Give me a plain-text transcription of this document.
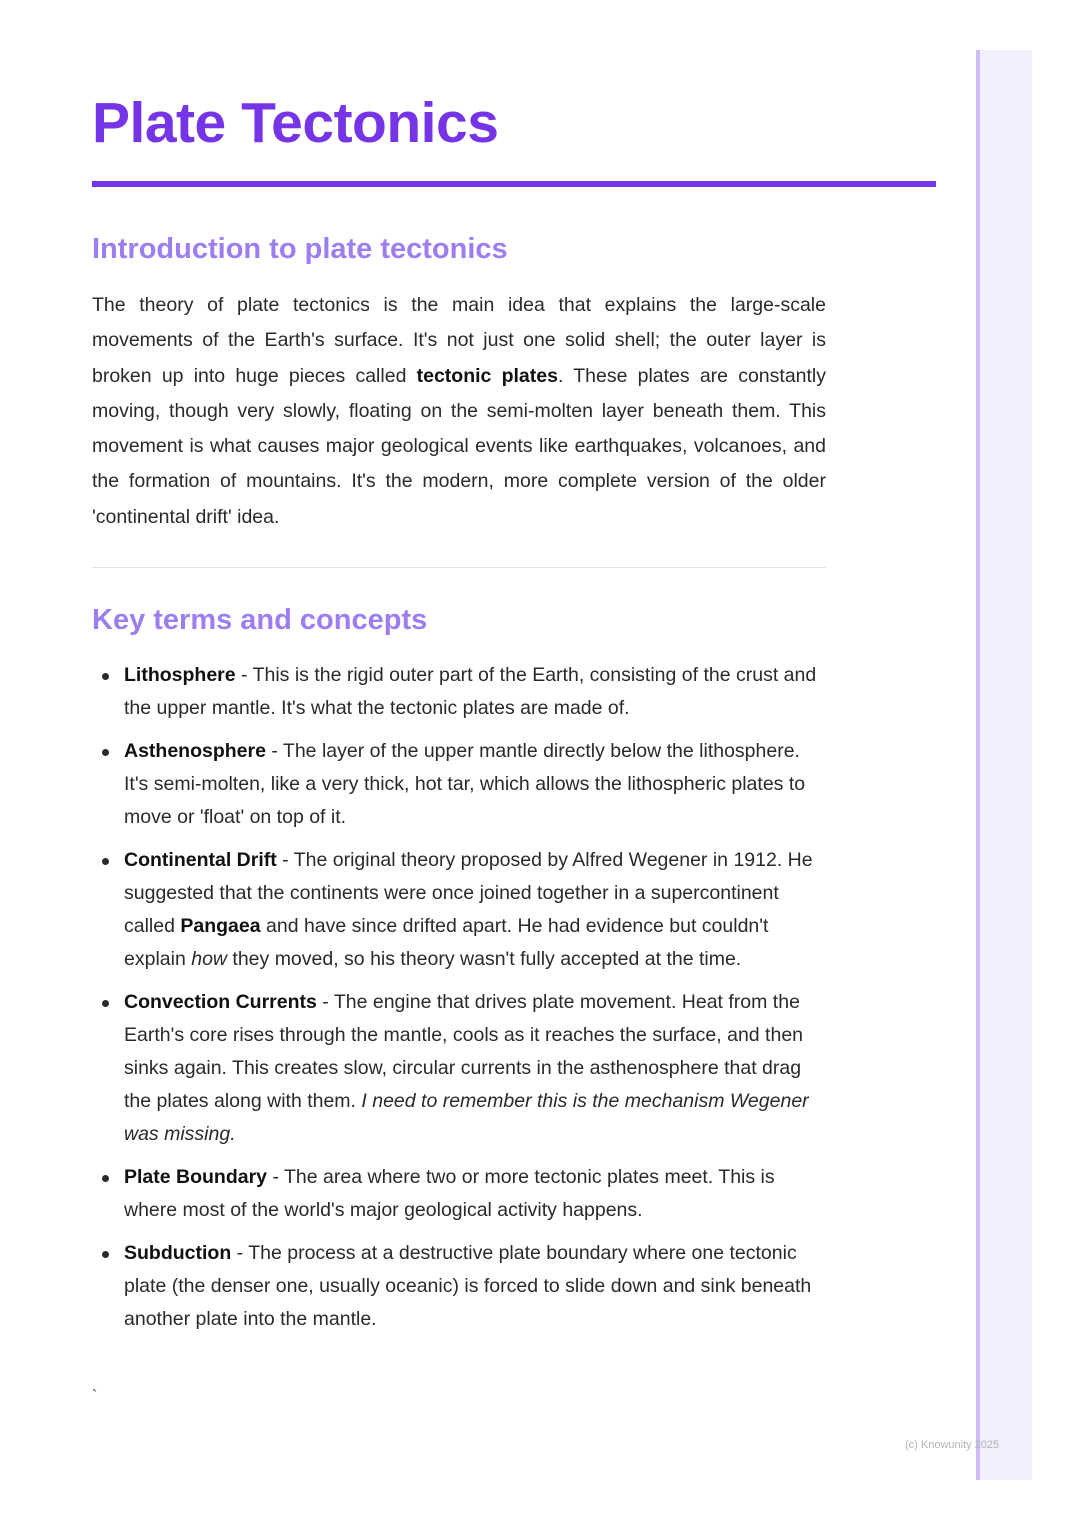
Plate Tectonics
Introduction to plate tectonics

The theory of plate tectonics is the main idea that explains the large-scale movements of the Earth's surface. It's not just one solid shell; the outer layer is broken up into huge pieces called tectonic plates. These plates are constantly moving, though very slowly, floating on the semi-molten layer beneath them. This movement is what causes major geological events like earthquakes, volcanoes, and the formation of mountains. It's the modern, more complete version of the older 'continental drift' idea.

Key terms and concepts
Lithosphere - This is the rigid outer part of the Earth, consisting of the crust and the upper mantle. It's what the tectonic plates are made of.
Asthenosphere - The layer of the upper mantle directly below the lithosphere. It's semi-molten, like a very thick, hot tar, which allows the lithospheric plates to move or 'float' on top of it.
Continental Drift - The original theory proposed by Alfred Wegener in 1912. He suggested that the continents were once joined together in a supercontinent called Pangaea and have since drifted apart. He had evidence but couldn't explain how they moved, so his theory wasn't fully accepted at the time.
Convection Currents - The engine that drives plate movement. Heat from the Earth's core rises through the mantle, cools as it reaches the surface, and then sinks again. This creates slow, circular currents in the asthenosphere that drag the plates along with them. I need to remember this is the mechanism Wegener was missing.
Plate Boundary - The area where two or more tectonic plates meet. This is where most of the world's major geological activity happens.
Subduction - The process at a destructive plate boundary where one tectonic plate (the denser one, usually oceanic) is forced to slide down and sink beneath another plate into the mantle.
`
(c) Knowunity 2025
